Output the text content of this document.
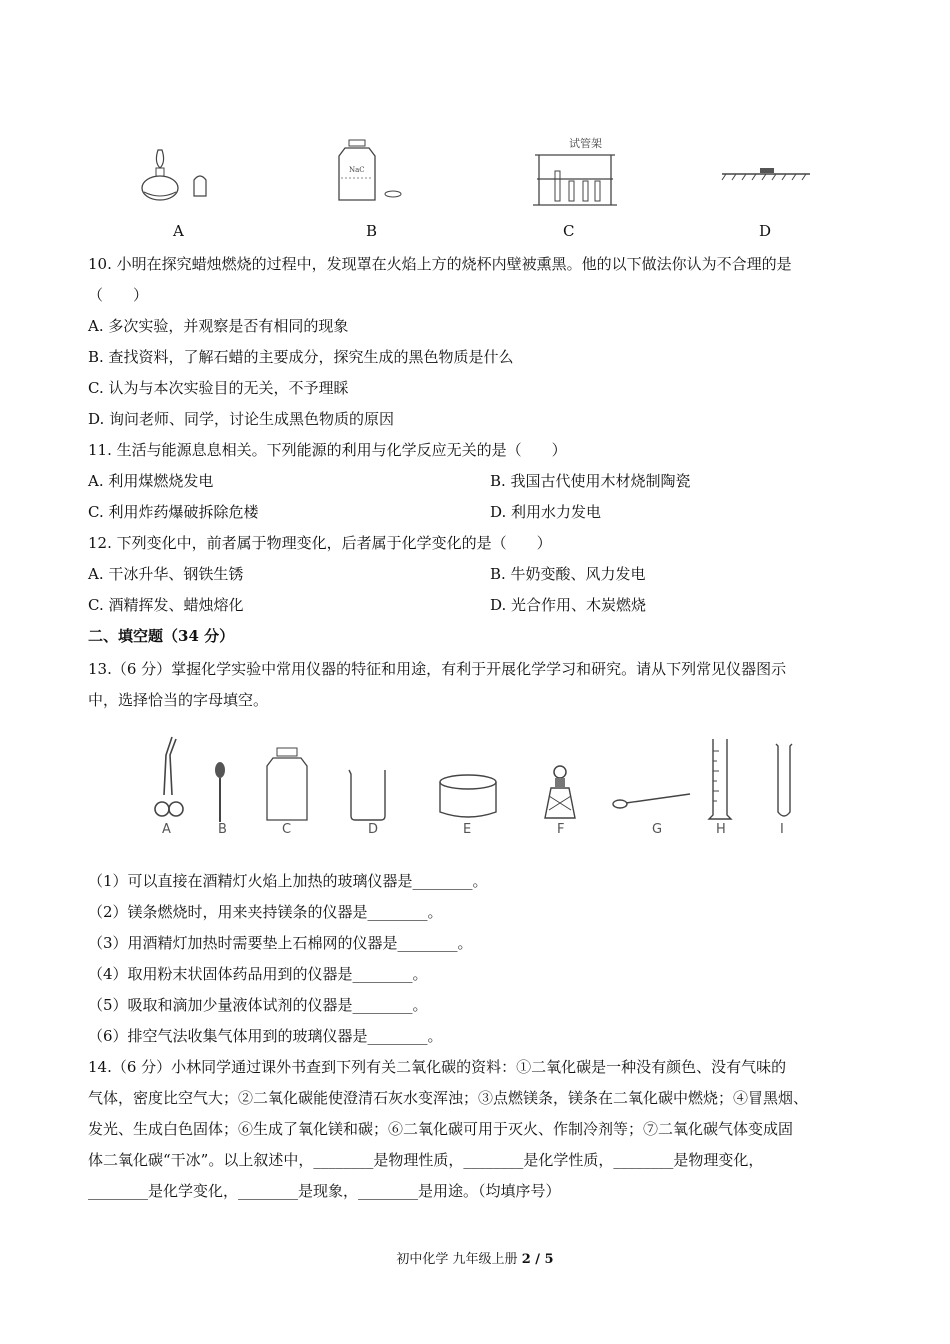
NaC
试管架
A	B	C	D
10. 小明在探究蜡烛燃烧的过程中，发现罩在火焰上方的烧杯内壁被熏黑。他的以下做法你认为不合理的是
（　　）
A. 多次实验，并观察是否有相同的现象
B. 查找资料，了解石蜡的主要成分，探究生成的黑色物质是什么
C. 认为与本次实验目的无关，不予理睬
D. 询问老师、同学，讨论生成黑色物质的原因
11. 生活与能源息息相关。下列能源的利用与化学反应无关的是（　　）
A. 利用煤燃烧发电	B. 我国古代使用木材烧制陶瓷
C. 利用炸药爆破拆除危楼	D. 利用水力发电
12. 下列变化中，前者属于物理变化，后者属于化学变化的是（　　）
A. 干冰升华、钢铁生锈	B. 牛奶变酸、风力发电
C. 酒精挥发、蜡烛熔化	D. 光合作用、木炭燃烧
二、填空题（34 分）
13.（6 分）掌握化学实验中常用仪器的特征和用途，有利于开展化学学习和研究。请从下列常见仪器图示
中，选择恰当的字母填空。
A	B	C	D	E	F	G	H	I
（1）可以直接在酒精灯火焰上加热的玻璃仪器是________。
（2）镁条燃烧时，用来夹持镁条的仪器是________。
（3）用酒精灯加热时需要垫上石棉网的仪器是________。
（4）取用粉末状固体药品用到的仪器是________。
（5）吸取和滴加少量液体试剂的仪器是________。
（6）排空气法收集气体用到的玻璃仪器是________。
14.（6 分）小林同学通过课外书查到下列有关二氧化碳的资料：①二氧化碳是一种没有颜色、没有气味的
气体，密度比空气大；②二氧化碳能使澄清石灰水变浑浊；③点燃镁条，镁条在二氧化碳中燃烧；④冒黑烟、
发光、生成白色固体；⑥生成了氧化镁和碳；⑥二氧化碳可用于灭火、作制冷剂等；⑦二氧化碳气体变成固
体二氧化碳“干冰”。以上叙述中，________是物理性质，________是化学性质，________是物理变化，
________是化学变化，________是现象，________是用途。（均填序号）
初中化学 九年级上册 2 / 5
